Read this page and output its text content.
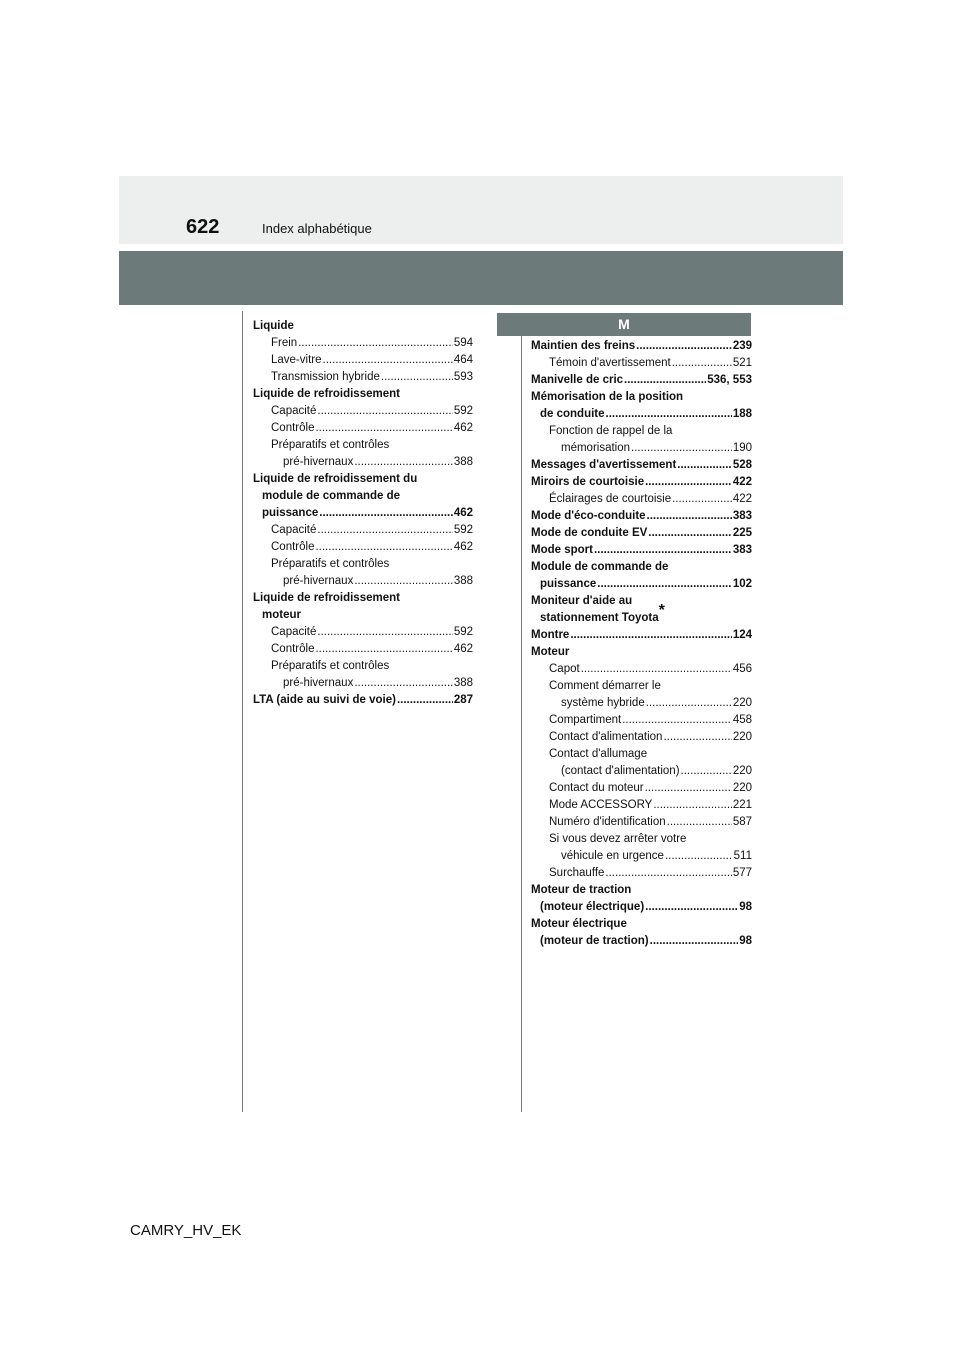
622	Index alphabétique
M
Liquide
Frein .....	594
Lave-vitre .....	464
Transmission hybride .....	593
Liquide de refroidissement
Capacité .....	592
Contrôle .....	462
Préparatifs et contrôles
pré-hivernaux .....	388
Liquide de refroidissement du
module de commande de
puissance .....	462
Capacité .....	592
Contrôle .....	462
Préparatifs et contrôles
pré-hivernaux .....	388
Liquide de refroidissement
moteur
Capacité .....	592
Contrôle .....	462
Préparatifs et contrôles
pré-hivernaux .....	388
LTA (aide au suivi de voie) .....	287
Maintien des freins .....	239
Témoin d'avertissement .....	521
Manivelle de cric .....	536, 553
Mémorisation de la position
de conduite .....	188
Fonction de rappel de la
mémorisation .....	190
Messages d'avertissement .....	528
Miroirs de courtoisie .....	422
Éclairages de courtoisie .....	422
Mode d'éco-conduite .....	383
Mode de conduite EV .....	225
Mode sport .....	383
Module de commande de
puissance .....	102
Moniteur d'aide au
stationnement Toyota*
Montre .....	124
Moteur
Capot .....	456
Comment démarrer le
système hybride .....	220
Compartiment .....	458
Contact d'alimentation .....	220
Contact d'allumage
(contact d'alimentation) .....	220
Contact du moteur .....	220
Mode ACCESSORY .....	221
Numéro d'identification .....	587
Si vous devez arrêter votre
véhicule en urgence .....	511
Surchauffe .....	577
Moteur de traction
(moteur électrique) .....	98
Moteur électrique
(moteur de traction) .....	98
CAMRY_HV_EK
